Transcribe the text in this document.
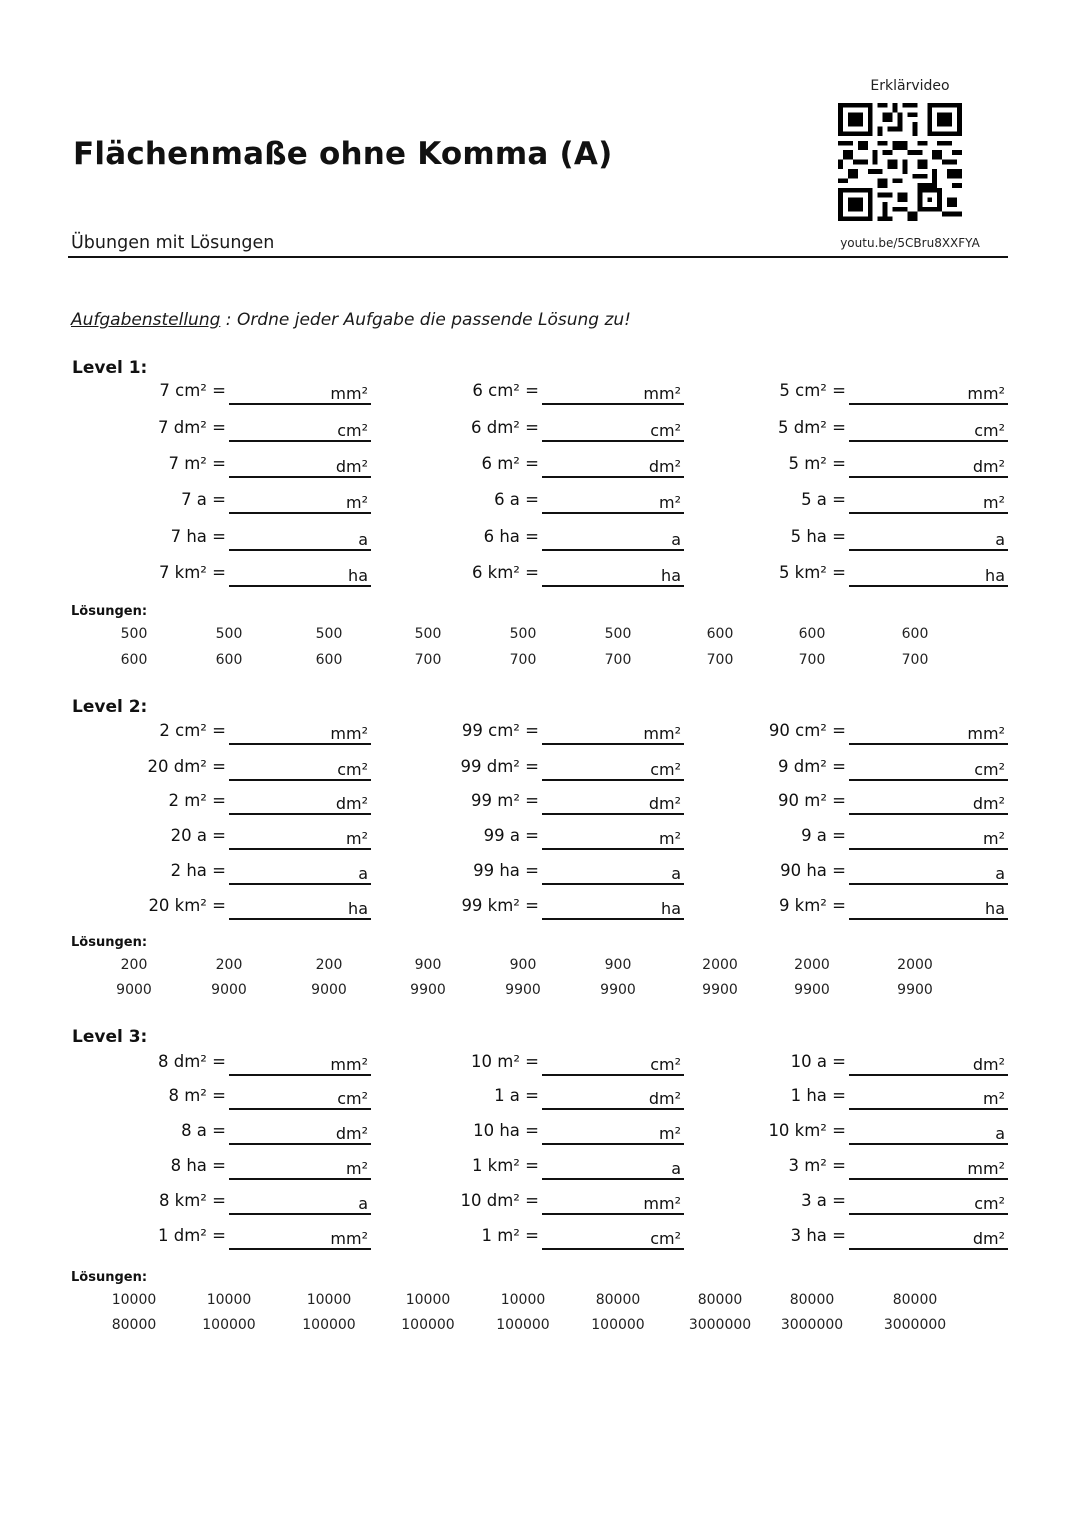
Flächenmaße ohne Komma (A)
Übungen mit Lösungen
Erklärvideo
youtu.be/5CBru8XXFYA
Aufgabenstellung : Ordne jeder Aufgabe die passende Lösung zu!
Level 1:
7 cm² =	mm²
7 dm² =	cm²
7 m² =	dm²
7 a =	m²
7 ha =	a
7 km² =	ha
6 cm² =	mm²
6 dm² =	cm²
6 m² =	dm²
6 a =	m²
6 ha =	a
6 km² =	ha
5 cm² =	mm²
5 dm² =	cm²
5 m² =	dm²
5 a =	m²
5 ha =	a
5 km² =	ha
Lösungen:
500	500	500	500	500	500	600	600	600
600	600	600	700	700	700	700	700	700
Level 2:
2 cm² =	mm²
20 dm² =	cm²
2 m² =	dm²
20 a =	m²
2 ha =	a
20 km² =	ha
99 cm² =	mm²
99 dm² =	cm²
99 m² =	dm²
99 a =	m²
99 ha =	a
99 km² =	ha
90 cm² =	mm²
9 dm² =	cm²
90 m² =	dm²
9 a =	m²
90 ha =	a
9 km² =	ha
Lösungen:
200	200	200	900	900	900	2000	2000	2000
9000	9000	9000	9900	9900	9900	9900	9900	9900
Level 3:
8 dm² =	mm²
8 m² =	cm²
8 a =	dm²
8 ha =	m²
8 km² =	a
1 dm² =	mm²
10 m² =	cm²
1 a =	dm²
10 ha =	m²
1 km² =	a
10 dm² =	mm²
1 m² =	cm²
10 a =	dm²
1 ha =	m²
10 km² =	a
3 m² =	mm²
3 a =	cm²
3 ha =	dm²
Lösungen:
10000	10000	10000	10000	10000	80000	80000	80000	80000
80000	100000	100000	100000	100000	100000	3000000	3000000	3000000
